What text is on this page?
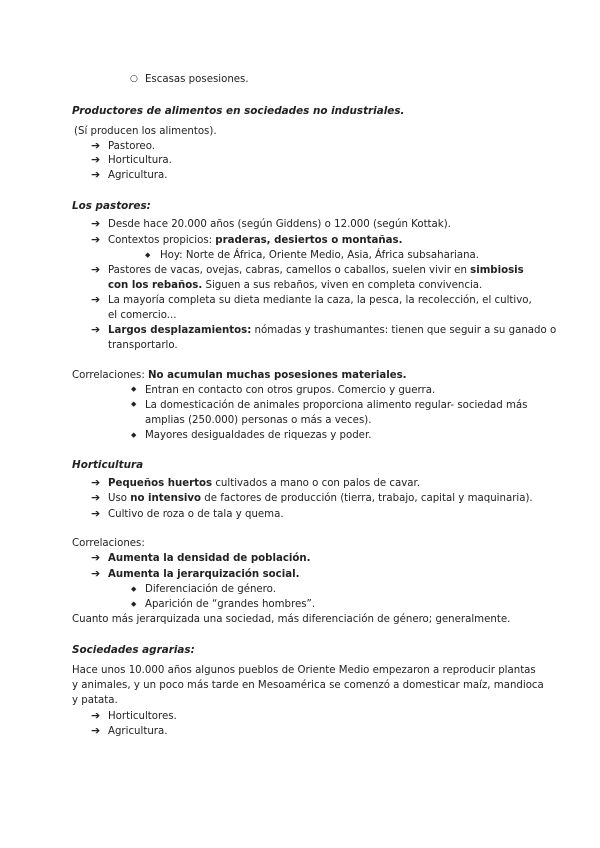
○ Escasas posesiones.
Productores de alimentos en sociedades no industriales.
(Sí producen los alimentos).
➔ Pastoreo.
➔ Horticultura.
➔ Agricultura.
Los pastores:
➔ Desde hace 20.000 años (según Giddens) o 12.000 (según Kottak).
➔ Contextos propicios: praderas, desiertos o montañas.
◆ Hoy: Norte de África, Oriente Medio, Asia, África subsahariana.
➔ Pastores de vacas, ovejas, cabras, camellos o caballos, suelen vivir en simbiosis
con los rebaños. Siguen a sus rebaños, viven en completa convivencia.
➔ La mayoría completa su dieta mediante la caza, la pesca, la recolección, el cultivo,
el comercio...
➔ Largos desplazamientos: nómadas y trashumantes: tienen que seguir a su ganado o
transportarlo.
Correlaciones: No acumulan muchas posesiones materiales.
◆ Entran en contacto con otros grupos. Comercio y guerra.
◆ La domesticación de animales proporciona alimento regular- sociedad más
amplias (250.000) personas o más a veces).
◆ Mayores desigualdades de riquezas y poder.
Horticultura
➔ Pequeños huertos cultivados a mano o con palos de cavar.
➔ Uso no intensivo de factores de producción (tierra, trabajo, capital y maquinaria).
➔ Cultivo de roza o de tala y quema.
Correlaciones:
➔ Aumenta la densidad de población.
➔ Aumenta la jerarquización social.
◆ Diferenciación de género.
◆ Aparición de “grandes hombres”.
Cuanto más jerarquizada una sociedad, más diferenciación de género; generalmente.
Sociedades agrarias:
Hace unos 10.000 años algunos pueblos de Oriente Medio empezaron a reproducir plantas
y animales, y un poco más tarde en Mesoamérica se comenzó a domesticar maíz, mandioca
y patata.
➔ Horticultores.
➔ Agricultura.
